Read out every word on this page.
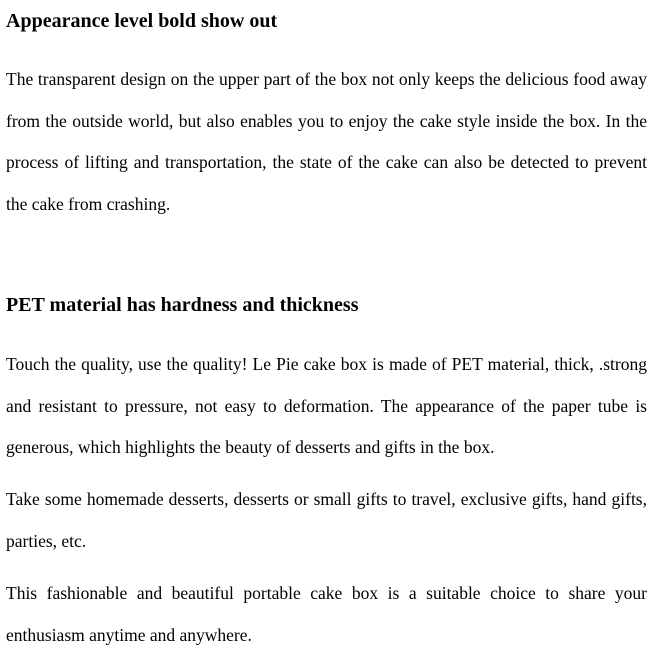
Appearance level bold show out

The transparent design on the upper part of the box not only keeps the delicious food away from the outside world, but also enables you to enjoy the cake style inside the box. In the process of lifting and transportation, the state of the cake can also be detected to prevent the cake from crashing.

PET material has hardness and thickness

Touch the quality, use the quality! Le Pie cake box is made of PET material, thick, .strong and resistant to pressure, not easy to deformation. The appearance of the paper tube is generous, which highlights the beauty of desserts and gifts in the box.

Take some homemade desserts, desserts or small gifts to travel, exclusive gifts, hand gifts, parties, etc.

This fashionable and beautiful portable cake box is a suitable choice to share your enthusiasm anytime and anywhere.
